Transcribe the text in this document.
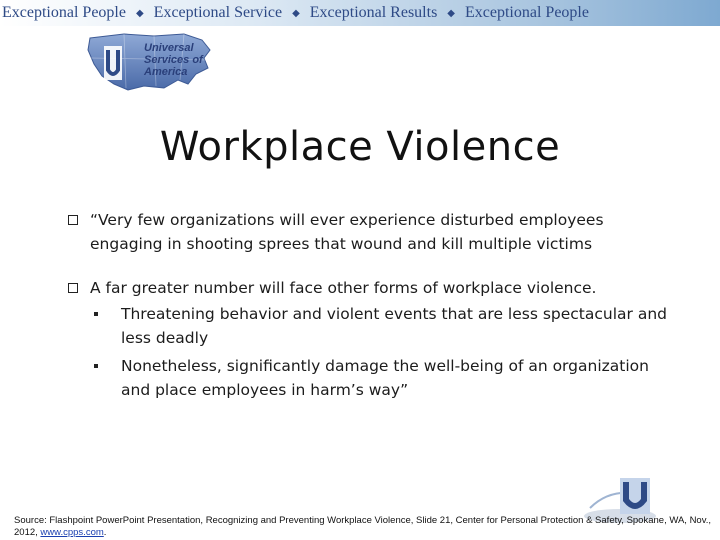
Exceptional People ◆ Exceptional Service ◆ Exceptional Results ◆ Exceptional People
Universal
Services of
America
Workplace Violence
“Very few organizations will ever experience disturbed employees engaging in shooting sprees that wound and kill multiple victims
A far greater number will face other forms of workplace violence.
Threatening behavior and violent events that are less spectacular and less deadly
Nonetheless, significantly damage the well-being of an organization and place employees in harm’s way”
Source: Flashpoint PowerPoint Presentation, Recognizing and Preventing Workplace Violence, Slide 21, Center for Personal Protection & Safety, Spokane, WA, Nov., 2012, www.cpps.com.
